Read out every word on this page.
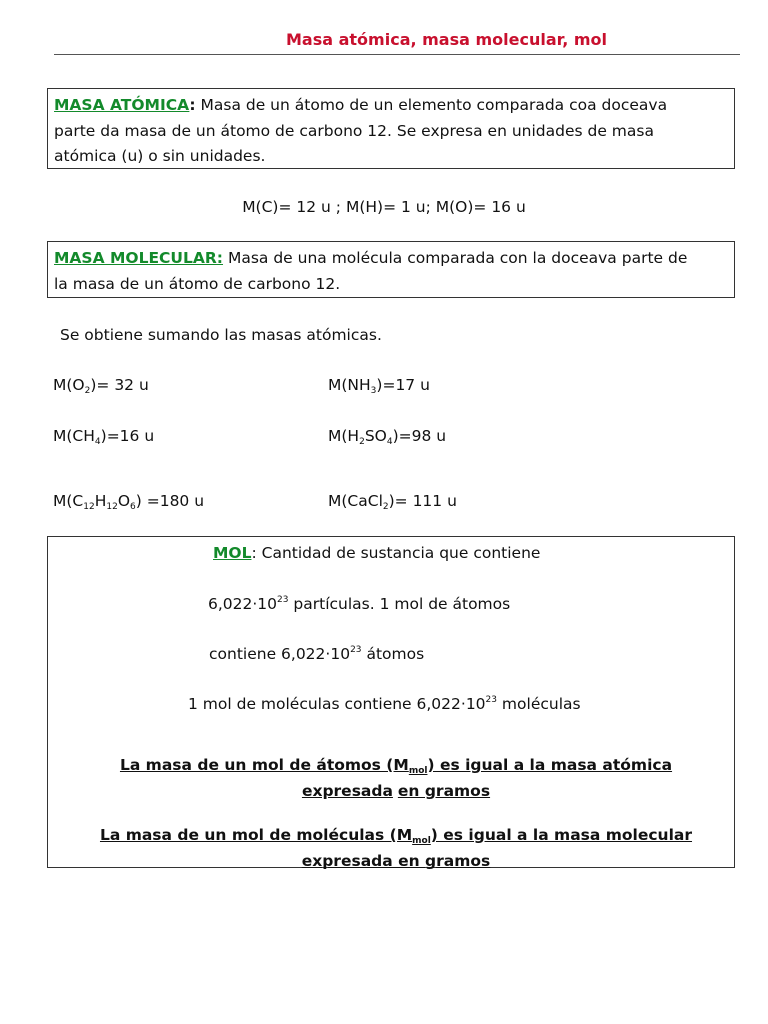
Masa atómica, masa molecular, mol
MASA ATÓMICA: Masa de un átomo de un elemento comparada coa doceava
parte da masa de un átomo de carbono 12. Se expresa en unidades de masa
atómica (u) o sin unidades.
M(C)= 12 u ; M(H)= 1 u; M(O)= 16 u
MASA MOLECULAR: Masa de una molécula comparada con la doceava parte de
la masa de un átomo de carbono 12.
Se obtiene sumando las masas atómicas.
$M(O_2)= 32$ u	$M(NH_3)=17$ u
$M(CH_4)=16$ u	$M(H_2SO_4)=98$ u
$M(C_{12}H_{12}O_6) =180$ u	M(CaCl$_2$)= 111 u
MOL: Cantidad de sustancia que contiene
$6,022\cdot 10^{23}$ partículas. 1 mol de átomos
contiene $6,022\cdot 10^{23}$ átomos
1 mol de moléculas contiene $6,022\cdot 10^{23}$ moléculas
La masa de un mol de átomos $(M_{mol})$ es igual a la masa atómica
expresada en gramos
La masa de un mol de moléculas $(M_{mol})$ es igual a la masa molecular
expresada en gramos
